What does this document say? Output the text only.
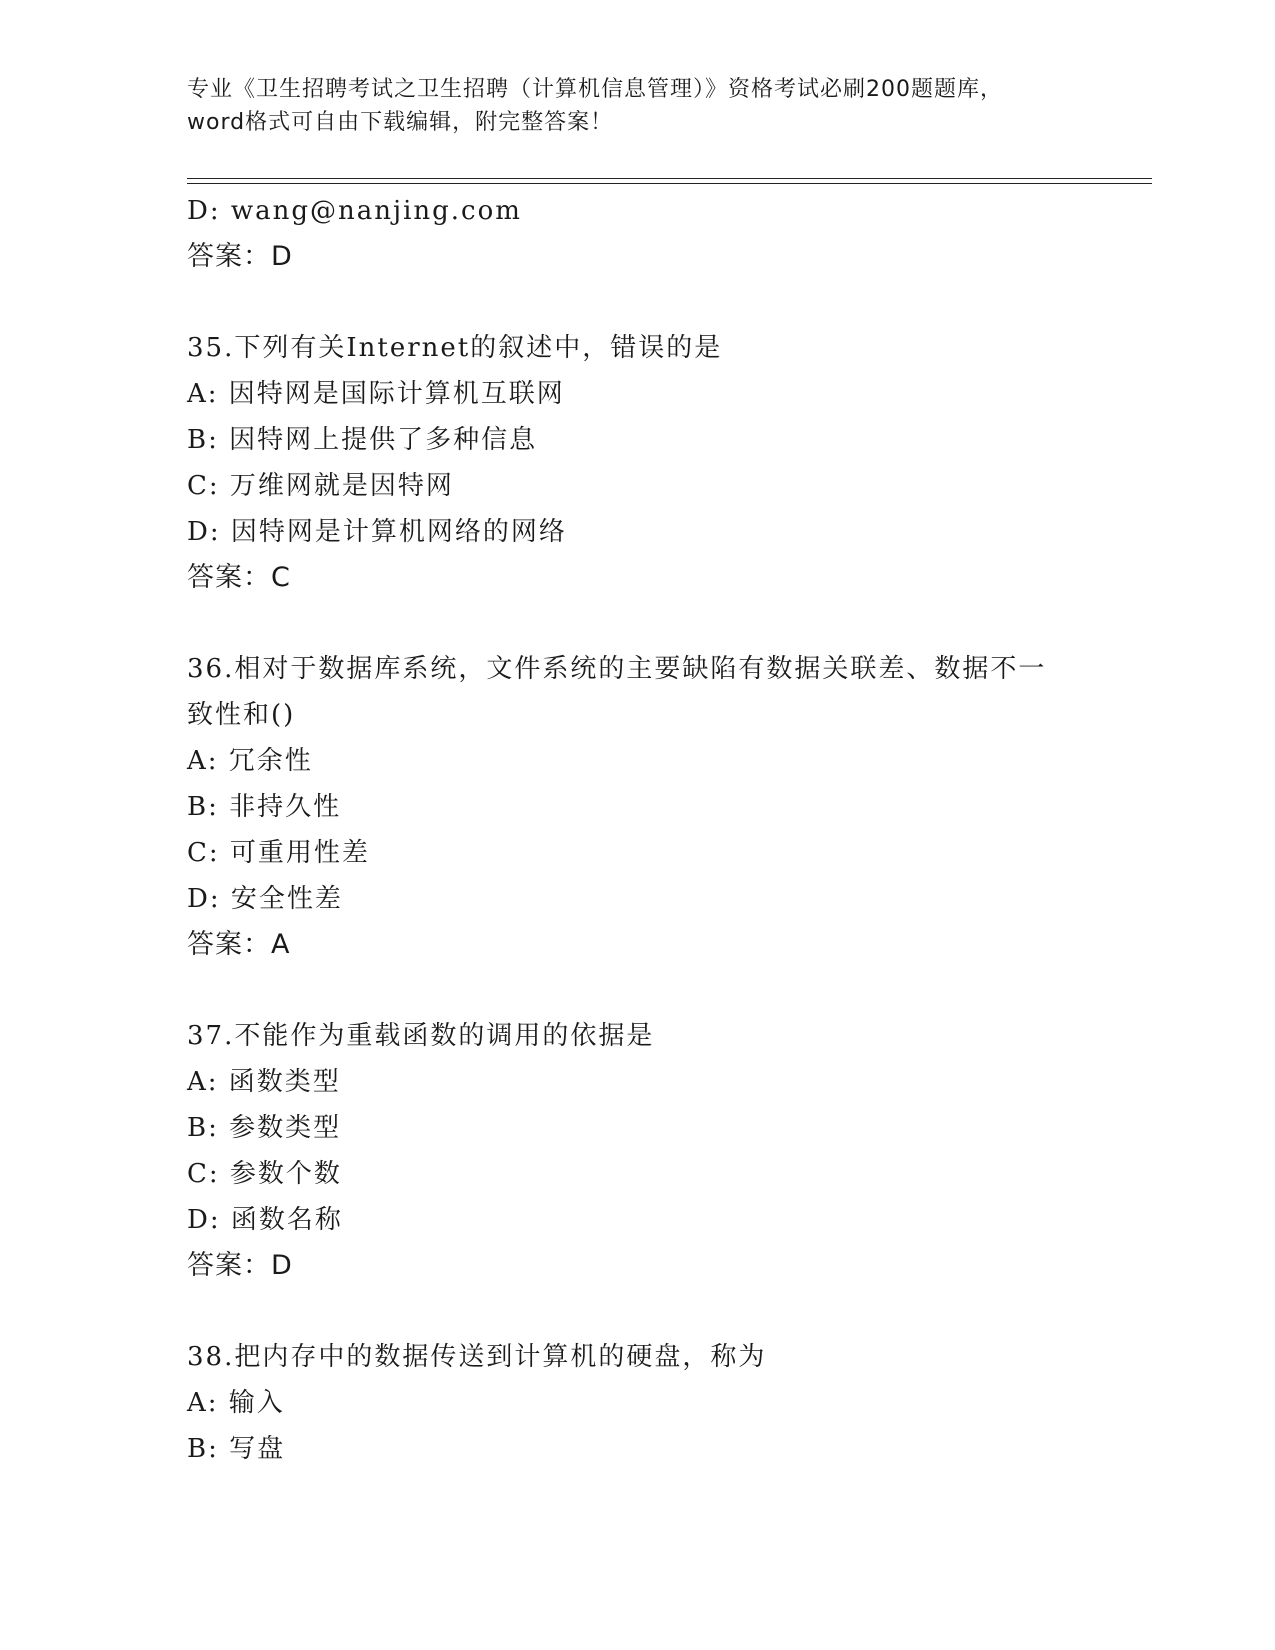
专业《卫生招聘考试之卫生招聘（计算机信息管理）》资格考试必刷200题题库，
word格式可自由下载编辑，附完整答案！
D: wang@nanjing.com
答案：D
35.下列有关Internet的叙述中，错误的是
A: 因特网是国际计算机互联网
B: 因特网上提供了多种信息
C: 万维网就是因特网
D: 因特网是计算机网络的网络
答案：C
36.相对于数据库系统，文件系统的主要缺陷有数据关联差、数据不一
致性和()
A: 冗余性
B: 非持久性
C: 可重用性差
D: 安全性差
答案：A
37.不能作为重载函数的调用的依据是
A: 函数类型
B: 参数类型
C: 参数个数
D: 函数名称
答案：D
38.把内存中的数据传送到计算机的硬盘，称为
A: 输入
B: 写盘
